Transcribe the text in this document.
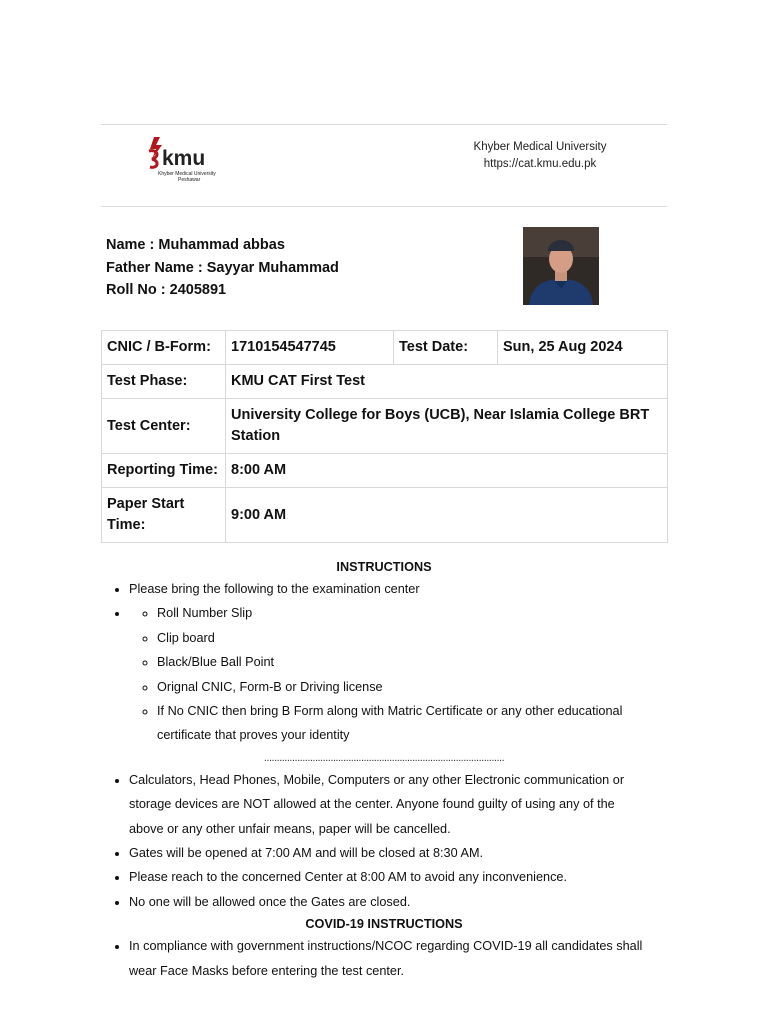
kmu
Khyber Medical University
Peshawar
Khyber Medical University
https://cat.kmu.edu.pk
Name : Muhammad abbas
Father Name : Sayyar Muhammad
Roll No : 2405891
CNIC / B-Form:	1710154547745	Test Date:	Sun, 25 Aug 2024
Test Phase:	KMU CAT First Test		
Test Center:	University College for Boys (UCB), Near Islamia College BRT Station		
Reporting Time:	8:00 AM		
Paper Start Time:	9:00 AM		
INSTRUCTIONS
• Please bring the following to the examination center
◦ • Roll Number Slip
◦ Clip board
◦ Black/Blue Ball Point
◦ Orignal CNIC, Form-B or Driving license
◦ If No CNIC then bring B Form along with Matric Certificate or any other educational certificate that proves your identity
..............................................................................................
• Calculators, Head Phones, Mobile, Computers or any other Electronic communication or storage devices are NOT allowed at the center. Anyone found guilty of using any of the above or any other unfair means, paper will be cancelled.
• Gates will be opened at 7:00 AM and will be closed at 8:30 AM.
• Please reach to the concerned Center at 8:00 AM to avoid any inconvenience.
• No one will be allowed once the Gates are closed.
COVID-19 INSTRUCTIONS
• In compliance with government instructions/NCOC regarding COVID-19 all candidates shall wear Face Masks before entering the test center.
